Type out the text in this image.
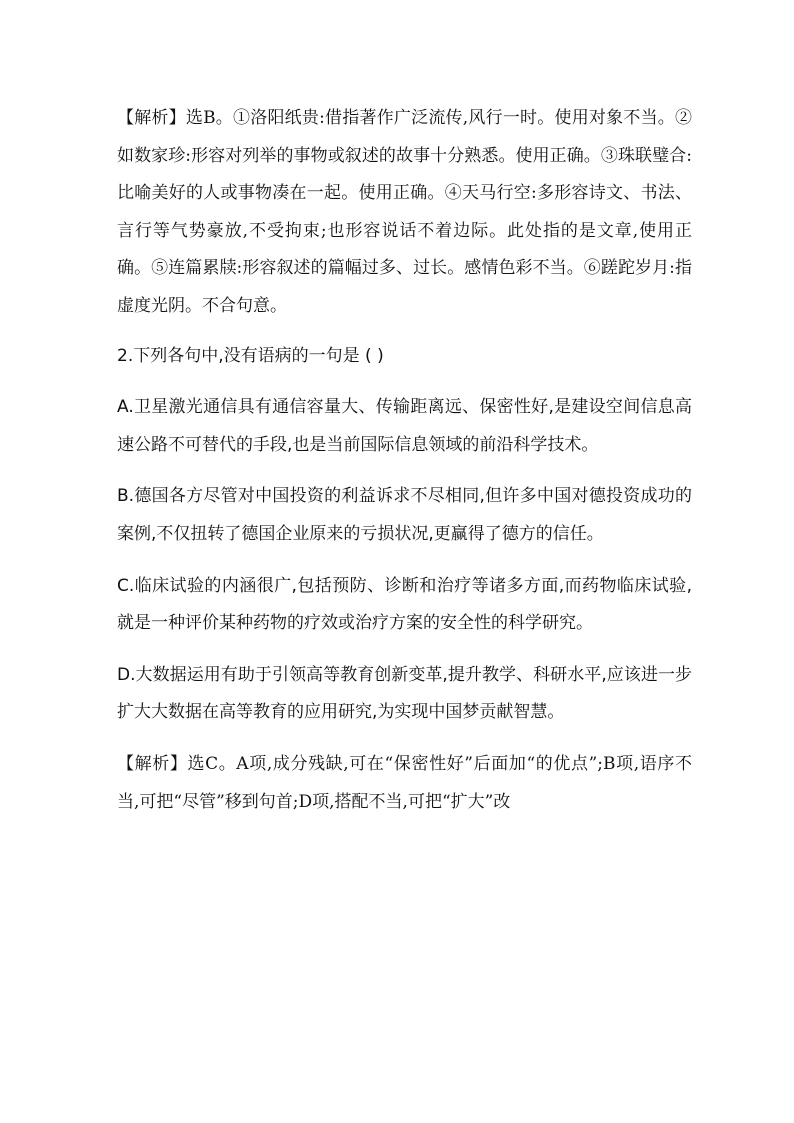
【解析】选B。①洛阳纸贵:借指著作广泛流传,风行一时。使用对象不当。②如数家珍:形容对列举的事物或叙述的故事十分熟悉。使用正确。③珠联璧合:比喻美好的人或事物凑在一起。使用正确。④天马行空:多形容诗文、书法、言行等气势豪放,不受拘束;也形容说话不着边际。此处指的是文章,使用正确。⑤连篇累牍:形容叙述的篇幅过多、过长。感情色彩不当。⑥蹉跎岁月:指虚度光阴。不合句意。

2.下列各句中,没有语病的一句是 ( )

A.卫星激光通信具有通信容量大、传输距离远、保密性好,是建设空间信息高速公路不可替代的手段,也是当前国际信息领域的前沿科学技术。

B.德国各方尽管对中国投资的利益诉求不尽相同,但许多中国对德投资成功的案例,不仅扭转了德国企业原来的亏损状况,更赢得了德方的信任。

C.临床试验的内涵很广,包括预防、诊断和治疗等诸多方面,而药物临床试验,就是一种评价某种药物的疗效或治疗方案的安全性的科学研究。

D.大数据运用有助于引领高等教育创新变革,提升教学、科研水平,应该进一步扩大大数据在高等教育的应用研究,为实现中国梦贡献智慧。

【解析】选C。A项,成分残缺,可在“保密性好”后面加“的优点”;B项,语序不当,可把“尽管”移到句首;D项,搭配不当,可把“扩大”改
